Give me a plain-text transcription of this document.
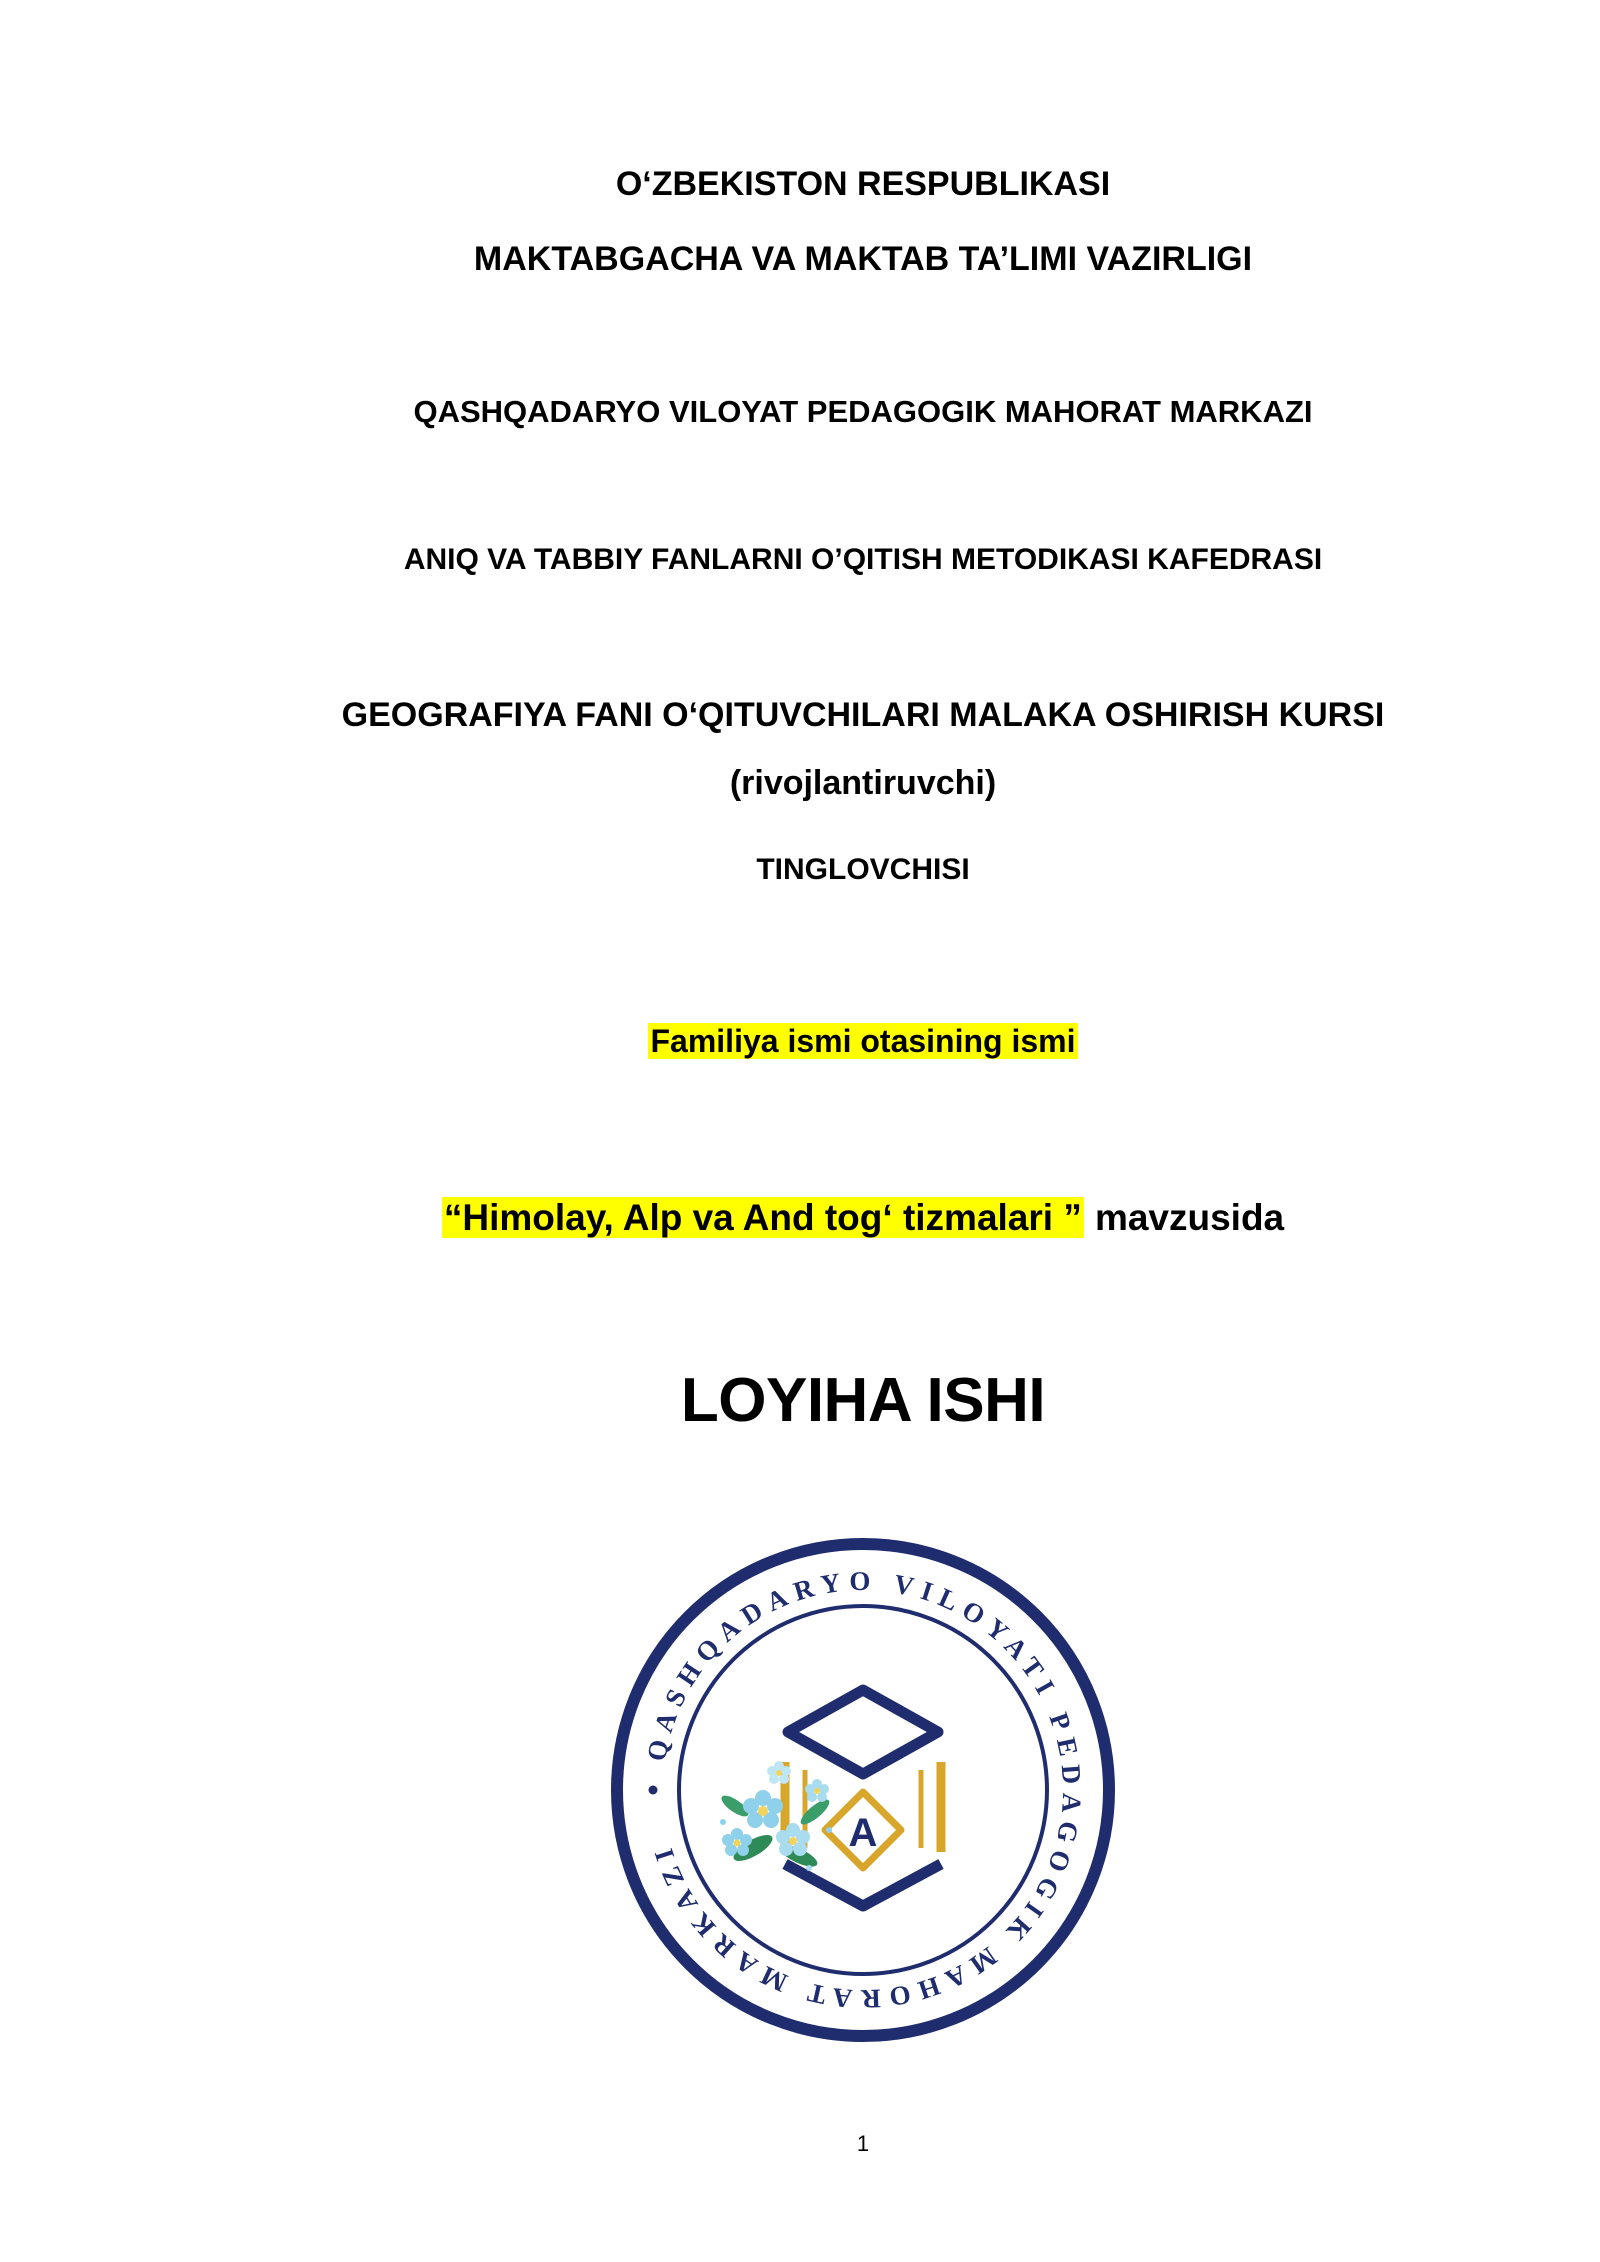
O‘ZBEKISTON RESPUBLIKASI
MAKTABGACHA VA MAKTAB TA’LIMI VAZIRLIGI
QASHQADARYO VILOYAT PEDAGOGIK MAHORAT MARKAZI
ANIQ VA TABBIY FANLARNI O’QITISH METODIKASI KAFEDRASI
GEOGRAFIYA FANI O‘QITUVCHILARI MALAKA OSHIRISH KURSI
(rivojlantiruvchi)
TINGLOVCHISI
Familiya ismi otasining ismi
“Himolay, Alp va And tog‘ tizmalari ” mavzusida
LOYIHA ISHI
QASHQADARYO VILOYATI PEDAGOGIK MAHORAT MARKAZI	A
1
